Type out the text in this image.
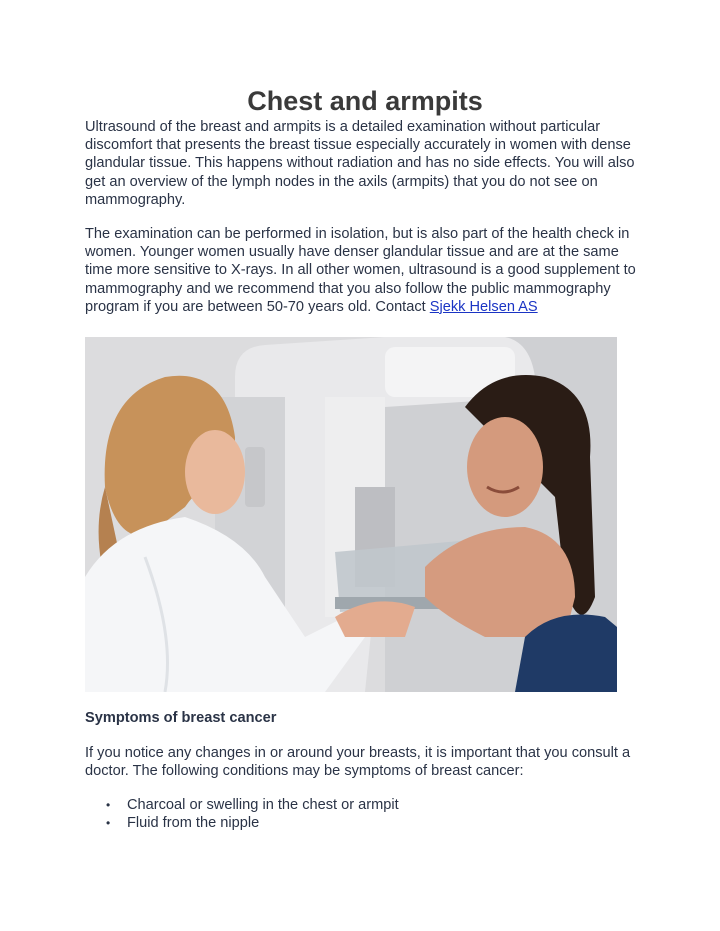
Chest and armpits

Ultrasound of the breast and armpits is a detailed examination without particular discomfort that presents the breast tissue especially accurately in women with dense glandular tissue. This happens without radiation and has no side effects. You will also get an overview of the lymph nodes in the axils (armpits) that you do not see on mammography.

The examination can be performed in isolation, but is also part of the health check in women. Younger women usually have denser glandular tissue and are at the same time more sensitive to X-rays. In all other women, ultrasound is a good supplement to mammography and we recommend that you also follow the public mammography program if you are between 50-70 years old. Contact Sjekk Helsen AS

Symptoms of breast cancer

If you notice any changes in or around your breasts, it is important that you consult a doctor. The following conditions may be symptoms of breast cancer:

• Charcoal or swelling in the chest or armpit
• Fluid from the nipple
